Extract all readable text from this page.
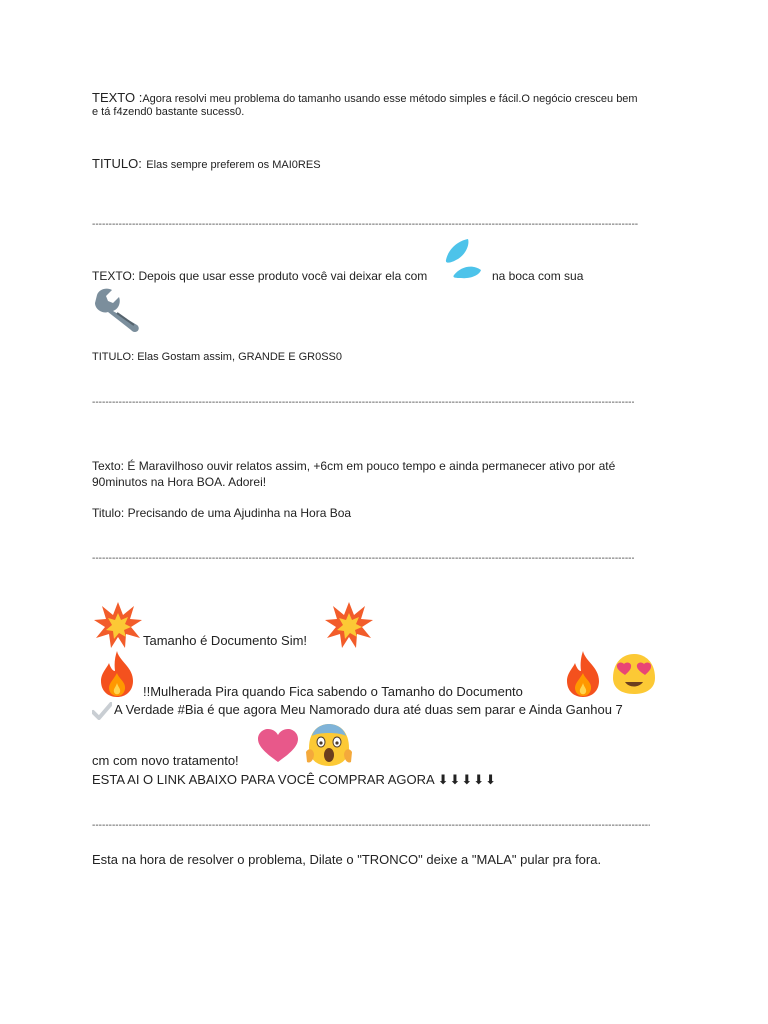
TEXTO :Agora resolvi meu problema do tamanho usando esse método simples e fácil.O negócio cresceu bem
e tá f4zend0 bastante sucess0.
TITULO: Elas sempre preferem os MAI0RES
-----
TEXTO: Depois que usar esse produto você vai deixar ela com	na boca com sua
TITULO: Elas Gostam assim, GRANDE E GR0SS0
-----
Texto: É Maravilhoso ouvir relatos assim, +6cm em pouco tempo e ainda permanecer ativo por até
90minutos na Hora BOA. Adorei!
Titulo: Precisando de uma Ajudinha na Hora Boa
-----
Tamanho é Documento Sim!
!!Mulherada Pira quando Fica sabendo o Tamanho do Documento
A Verdade #Bia é que agora Meu Namorado dura até duas sem parar e Ainda Ganhou 7
cm com novo tratamento!
ESTA AI O LINK ABAIXO PARA VOCÊ COMPRAR AGORA ⬇⬇⬇⬇⬇
-----
Esta na hora de resolver o problema, Dilate o "TRONCO" deixe a "MALA" pular pra fora.
